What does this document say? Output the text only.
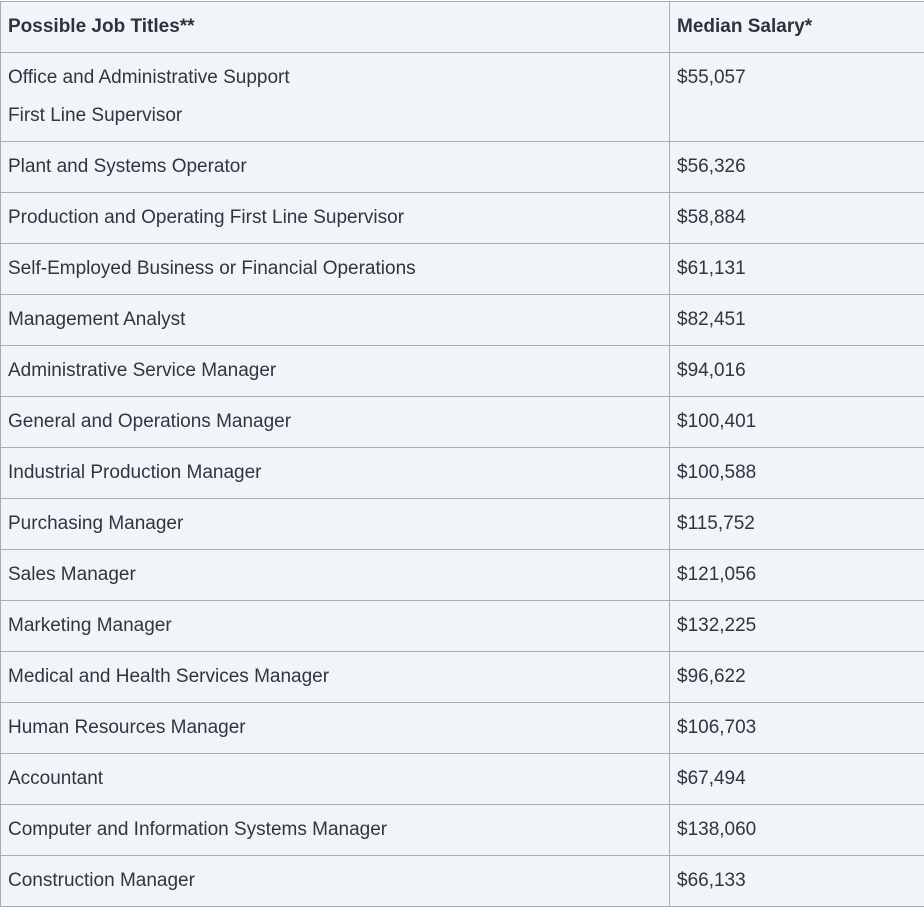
Possible Job Titles**	Median Salary*

Office and Administrative Support
First Line Supervisor	$55,057
Plant and Systems Operator	$56,326
Production and Operating First Line Supervisor	$58,884
Self-Employed Business or Financial Operations	$61,131
Management Analyst	$82,451
Administrative Service Manager	$94,016
General and Operations Manager	$100,401
Industrial Production Manager	$100,588
Purchasing Manager	$115,752
Sales Manager	$121,056
Marketing Manager	$132,225
Medical and Health Services Manager	$96,622
Human Resources Manager	$106,703
Accountant	$67,494
Computer and Information Systems Manager	$138,060
Construction Manager	$66,133
